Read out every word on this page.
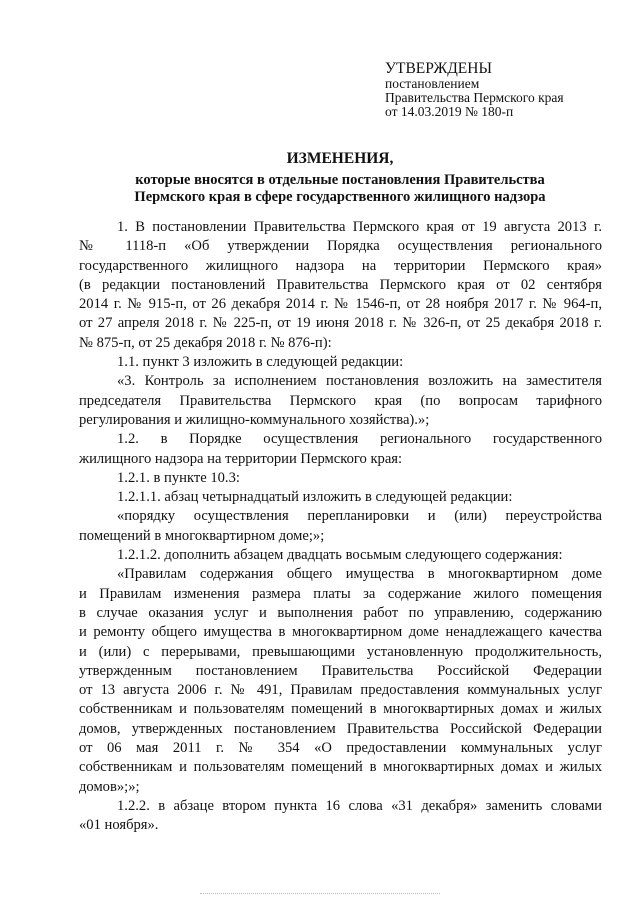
УТВЕРЖДЕНЫ
постановлением
Правительства Пермского края
от 14.03.2019 № 180-п
ИЗМЕНЕНИЯ,
которые вносятся в отдельные постановления Правительства
Пермского края в сфере государственного жилищного надзора
1. В постановлении Правительства Пермского края от 19 августа 2013 г.
№ 1118-п «Об утверждении Порядка осуществления регионального
государственного жилищного надзора на территории Пермского края»
(в редакции постановлений Правительства Пермского края от 02 сентября
2014 г. № 915-п, от 26 декабря 2014 г. № 1546-п, от 28 ноября 2017 г. № 964-п,
от 27 апреля 2018 г. № 225-п, от 19 июня 2018 г. № 326-п, от 25 декабря 2018 г.
№ 875-п, от 25 декабря 2018 г. № 876-п):
1.1. пункт 3 изложить в следующей редакции:
«3. Контроль за исполнением постановления возложить на заместителя
председателя Правительства Пермского края (по вопросам тарифного
регулирования и жилищно-коммунального хозяйства).»;
1.2. в Порядке осуществления регионального государственного
жилищного надзора на территории Пермского края:
1.2.1. в пункте 10.3:
1.2.1.1. абзац четырнадцатый изложить в следующей редакции:
«порядку осуществления перепланировки и (или) переустройства
помещений в многоквартирном доме;»;
1.2.1.2. дополнить абзацем двадцать восьмым следующего содержания:
«Правилам содержания общего имущества в многоквартирном доме
и Правилам изменения размера платы за содержание жилого помещения
в случае оказания услуг и выполнения работ по управлению, содержанию
и ремонту общего имущества в многоквартирном доме ненадлежащего качества
и (или) с перерывами, превышающими установленную продолжительность,
утвержденным постановлением Правительства Российской Федерации
от 13 августа 2006 г. № 491, Правилам предоставления коммунальных услуг
собственникам и пользователям помещений в многоквартирных домах и жилых
домов, утвержденных постановлением Правительства Российской Федерации
от 06 мая 2011 г. № 354 «О предоставлении коммунальных услуг
собственникам и пользователям помещений в многоквартирных домах и жилых
домов»;»;
1.2.2. в абзаце втором пункта 16 слова «31 декабря» заменить словами
«01 ноября».
